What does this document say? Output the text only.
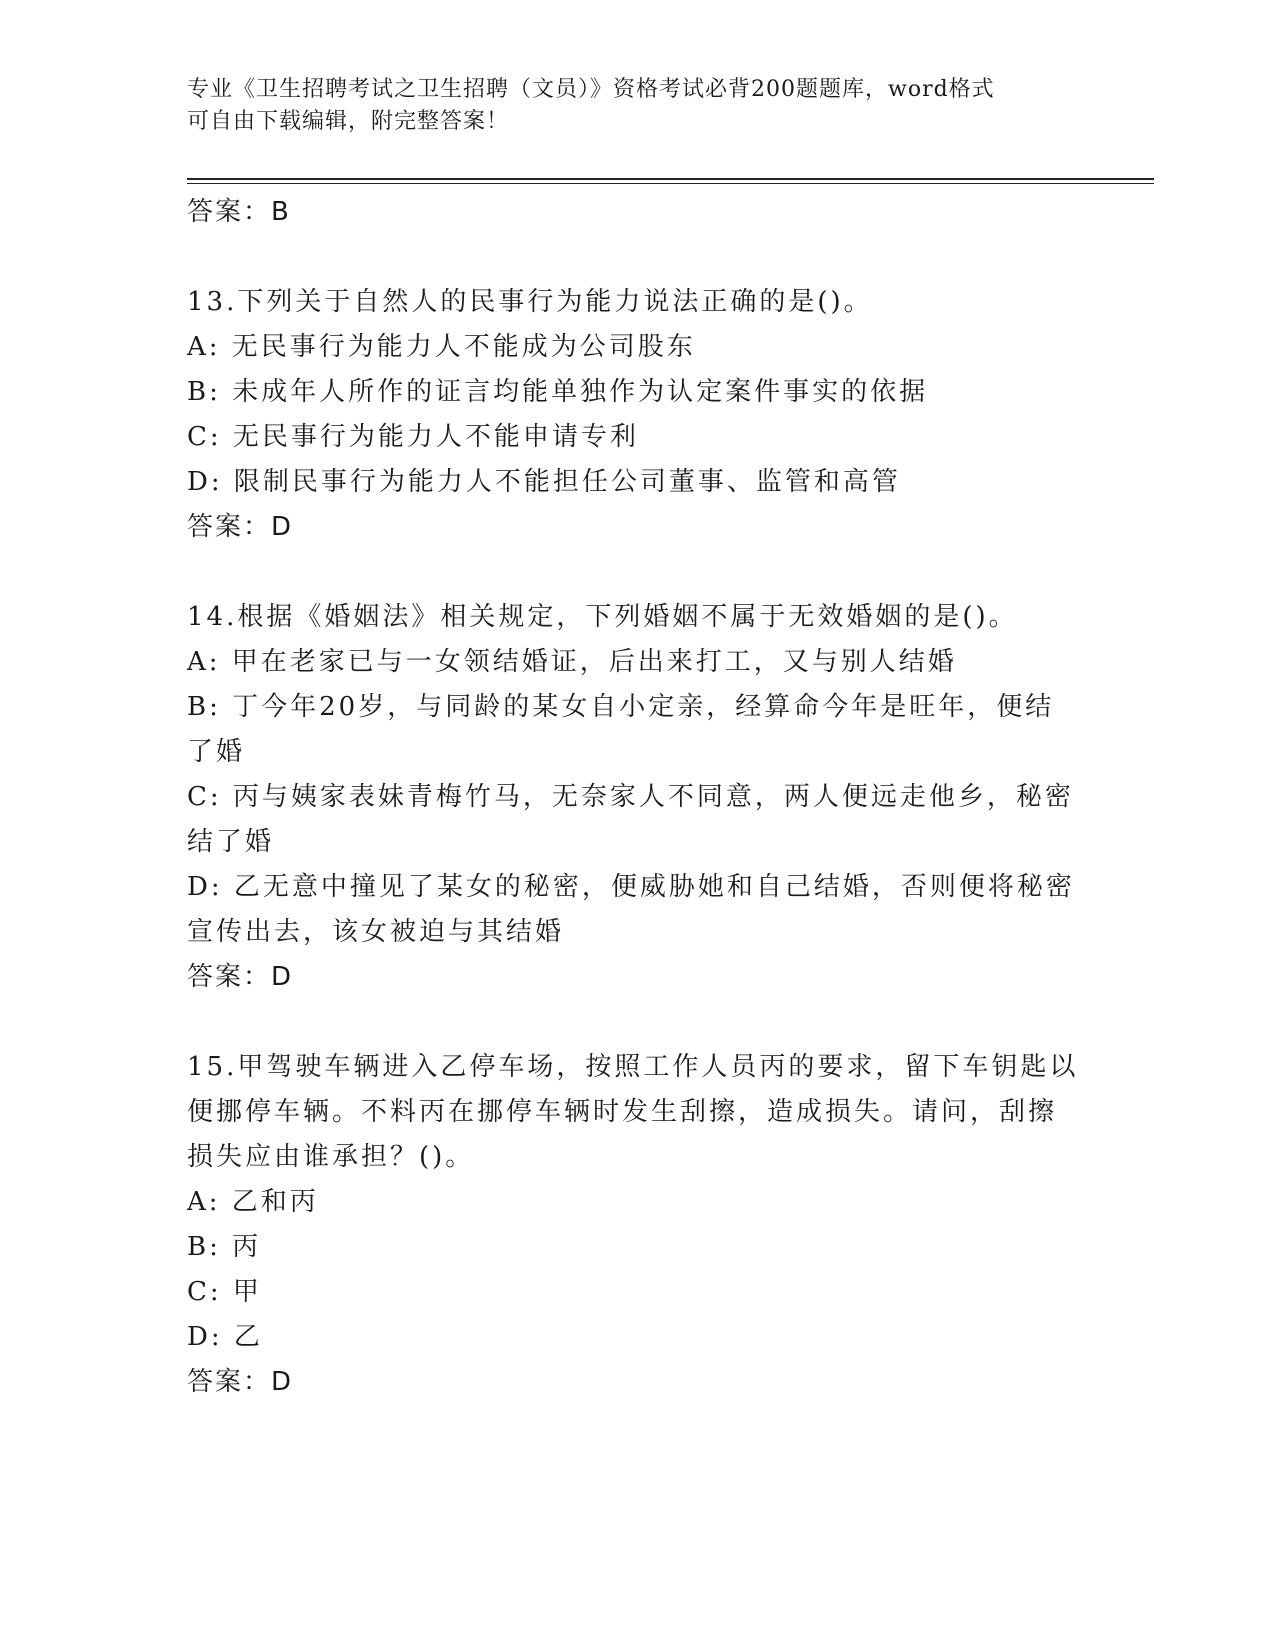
专业《卫生招聘考试之卫生招聘（文员）》资格考试必背200题题库，word格式
可自由下载编辑，附完整答案！
答案：B
13.下列关于自然人的民事行为能力说法正确的是()。
A: 无民事行为能力人不能成为公司股东
B: 未成年人所作的证言均能单独作为认定案件事实的依据
C: 无民事行为能力人不能申请专利
D: 限制民事行为能力人不能担任公司董事、监管和高管
答案：D
14.根据《婚姻法》相关规定，下列婚姻不属于无效婚姻的是()。
A: 甲在老家已与一女领结婚证，后出来打工，又与别人结婚
B: 丁今年20岁，与同龄的某女自小定亲，经算命今年是旺年，便结
了婚
C: 丙与姨家表妹青梅竹马，无奈家人不同意，两人便远走他乡，秘密
结了婚
D: 乙无意中撞见了某女的秘密，便威胁她和自己结婚，否则便将秘密
宣传出去，该女被迫与其结婚
答案：D
15.甲驾驶车辆进入乙停车场，按照工作人员丙的要求，留下车钥匙以
便挪停车辆。不料丙在挪停车辆时发生刮擦，造成损失。请问，刮擦
损失应由谁承担？()。
A: 乙和丙
B: 丙
C: 甲
D: 乙
答案：D
